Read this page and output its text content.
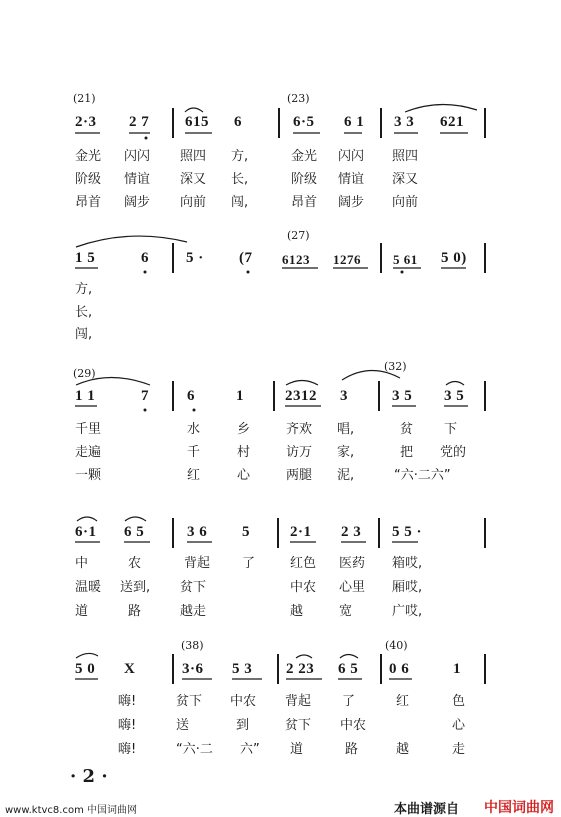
(21)	(23)
2·3 2 7 615 6	6·5 6 1 3 3 621
金光 闪闪 照四 方,	金光 闪闪 照四
阶级 情谊 深又 长,	阶级 情谊 深又
昂首 阔步 向前 闯,	昂首 阔步 向前
(27)
1 5	6 5 · (7 6123 1276 5 61 5 0)
方,
长,
闯,
(29)
(32)
1 1	7	6	1	2312 3	3 5 3 5
千里	水	乡	齐欢 唱,	贫 下
走遍	千	村	访万 家,	把 党的
一颗	红	心	两腿 泥,	“六·二六”
6·1 6 5	3 6 5	2·1 2 3 5 5 ·
中	农	背起 了	红色 医药 箱哎,
温暖 送到, 贫下	中农 心里 厢哎,
道	路	越走	越	宽	广哎,
(38)	(40)
5 0 X	3·6 5 3 2 23 6 5 0 6	1
嗨!	贫下 中农 背起 了	红	色
嗨!	送	到	贫下 中农	心
嗨!	“六·二 六” 道	路	越	走
· 2 ·
www.ktvc8.com 中国词曲网	本曲谱源自 中国词曲网
